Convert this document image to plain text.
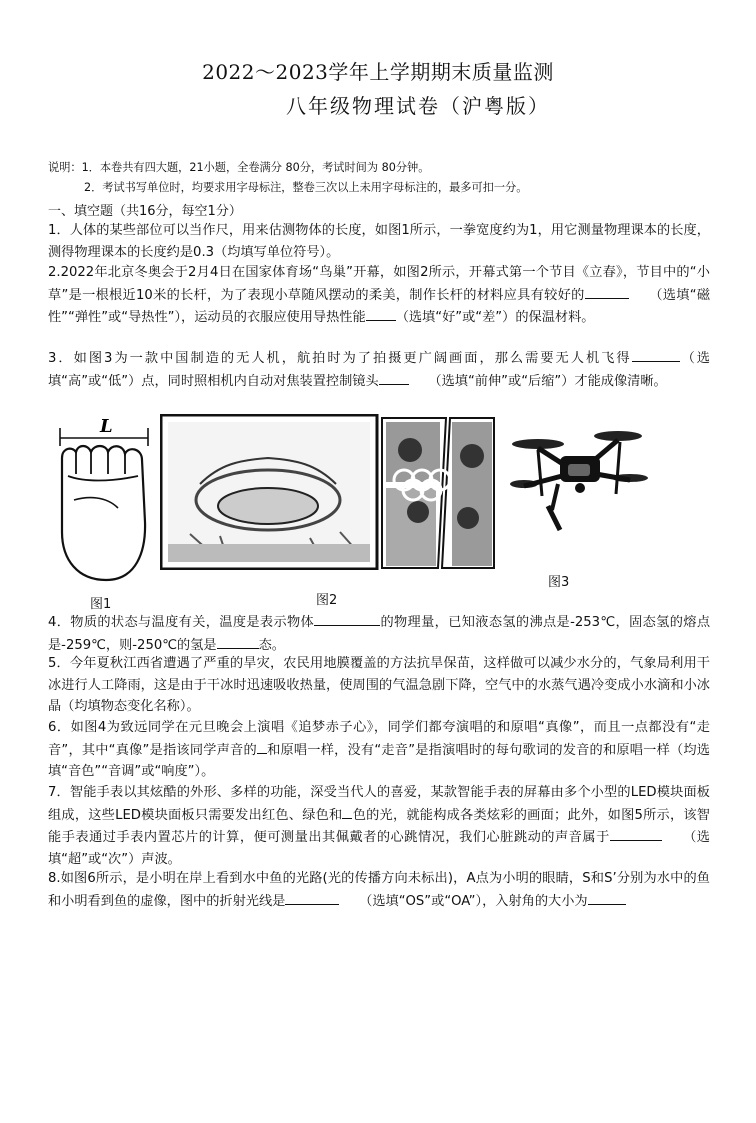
2022～2023学年上学期期末质量监测
八年级物理试卷（沪粤版）
说明：1．本卷共有四大题，21小题，全卷满分 80分，考试时间为 80分钟。
2．考试书写单位时，均要求用字母标注，整卷三次以上未用字母标注的，最多可扣一分。
一、填空题（共16分，每空1分）
1．人体的某些部位可以当作尺，用来估测物体的长度，如图1所示，一拳宽度约为1，用它测量物理课本的长度，测得物理课本的长度约是0.3（均填写单位符号）。
2.2022年北京冬奥会于2月4日在国家体育场“鸟巢”开幕，如图2所示，开幕式第一个节目《立春》，节目中的“小草”是一根根近10米的长杆，为了表现小草随风摆动的柔美，制作长杆的材料应具有较好的　　	（选填“磁性”“弹性”或“导热性”），运动员的衣服应使用导热性能 （选填“好”或“差”）的保温材料。
3．如图3为一款中国制造的无人机，航拍时为了拍摄更广阔画面，那么需要无人机飞得	（选填“高”或“低”）点，同时照相机内自动对焦装置控制镜头　　	（选填“前伸”或“后缩”）才能成像清晰。
L
图1	图2
图3
4．物质的状态与温度有关，温度是表示物体	的物理量，已知液态氢的沸点是-253℃，固态氢的熔点是-259℃，则-250℃的氢是	态。
5．今年夏秋江西省遭遇了严重的旱灾，农民用地膜覆盖的方法抗旱保苗，这样做可以减少水分的，气象局利用干冰进行人工降雨，这是由于干冰时迅速吸收热量，使周围的气温急剧下降，空气中的水蒸气遇冷变成小水滴和小冰晶（均填物态变化名称）。
6．如图4为致远同学在元旦晚会上演唱《追梦赤子心》，同学们都夸演唱的和原唱“真像”，而且一点都没有“走音”，其中“真像”是指该同学声音的 和原唱一样，没有“走音”是指演唱时的每句歌词的发音的和原唱一样（均选填“音色”“音调”或“响度”）。
7．智能手表以其炫酷的外形、多样的功能，深受当代人的喜爱，某款智能手表的屏幕由多个小型的LED模块面板组成，这些LED模块面板只需要发出红色、绿色和 色的光，就能构成各类炫彩的画面；此外，如图5所示，该智能手表通过手表内置芯片的计算，便可测量出其佩戴者的心跳情况，我们心脏跳动的声音属于　　	（选填“超”或“次”）声波。
8.如图6所示，是小明在岸上看到水中鱼的光路(光的传播方向未标出)，A点为小明的眼睛，S和S’分别为水中的鱼和小明看到鱼的虚像，图中的折射光线是　　	（选填“OS”或“OA”），入射角的大小为
